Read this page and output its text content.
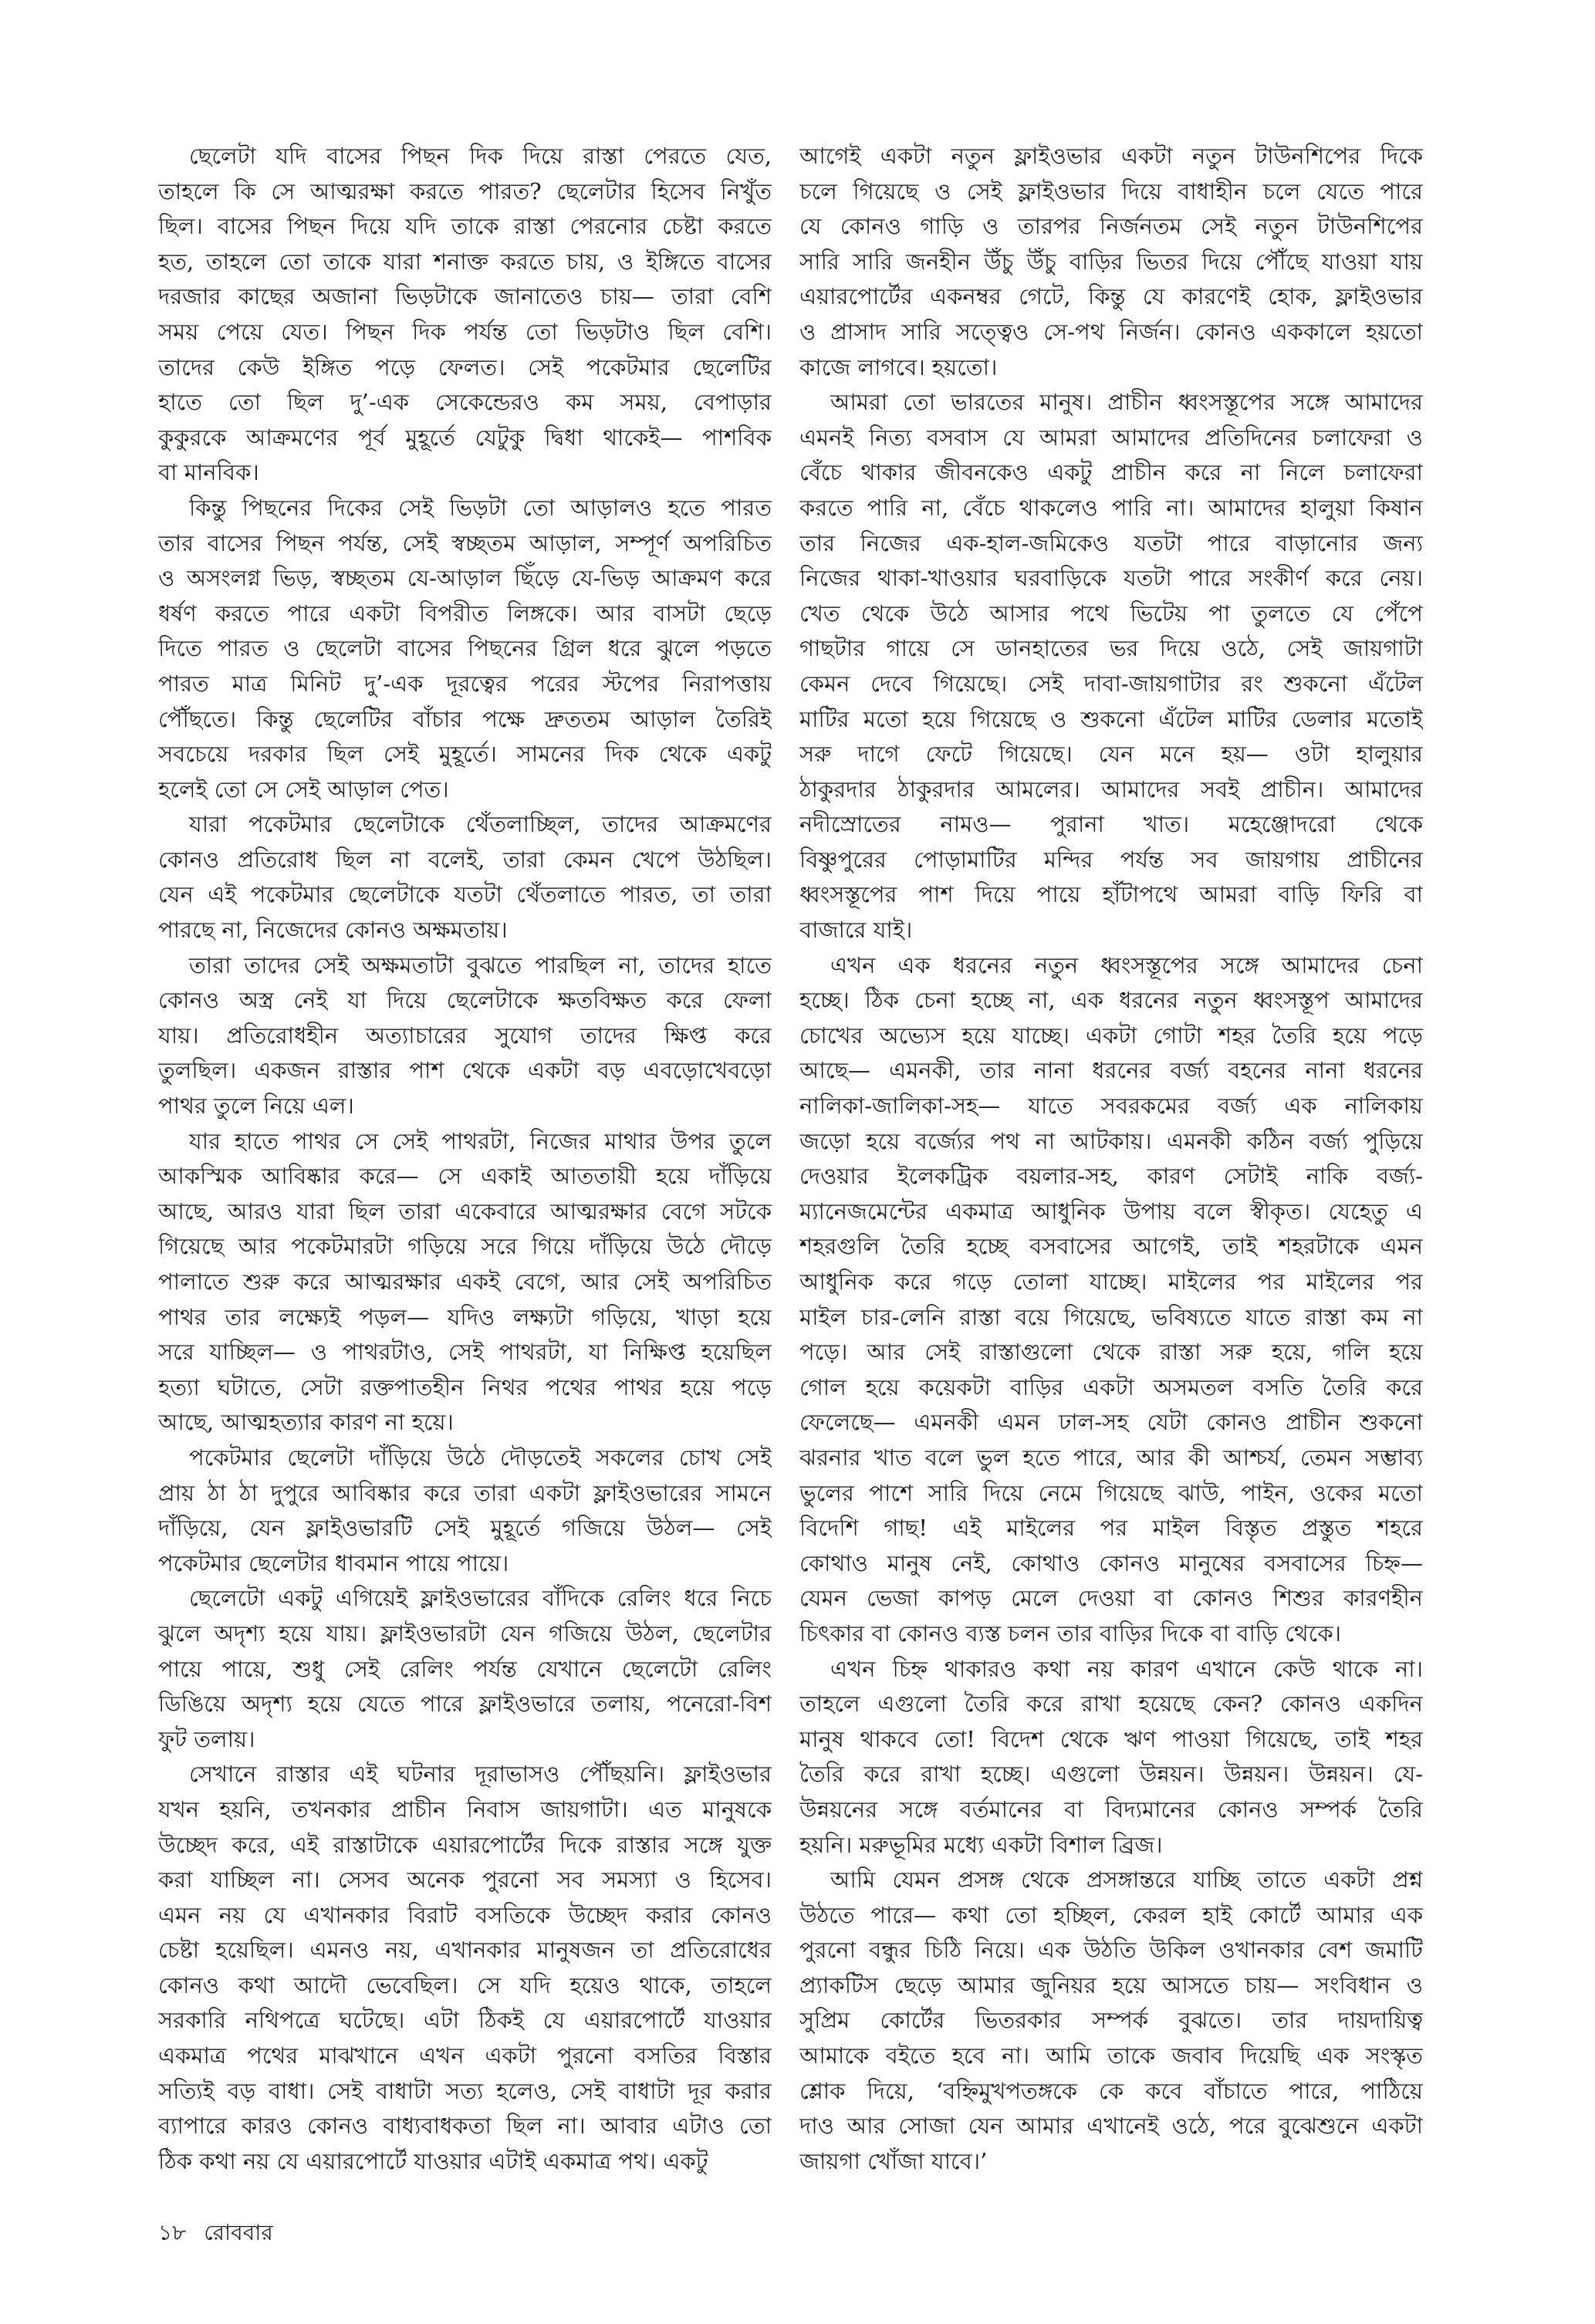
ছেলেটা যদি বাসের পিছন দিক দিয়ে রাস্তা পেরতে যেত,
তাহলে কি সে আত্মরক্ষা করতে পারত? ছেলেটার হিসেব নিখুঁত
ছিল। বাসের পিছন দিয়ে যদি তাকে রাস্তা পেরনোর চেষ্টা করতে
হত, তাহলে তো তাকে যারা শনাক্ত করতে চায়, ও ইঙ্গিতে বাসের
দরজার কাছের অজানা ভিড়টাকে জানাতেও চায়— তারা বেশি
সময় পেয়ে যেত। পিছন দিক পর্যন্ত তো ভিড়টাও ছিল বেশি।
তাদের কেউ ইঙ্গিত পড়ে ফেলত। সেই পকেটমার ছেলেটির
হাতে তো ছিল দু’-এক সেকেন্ডেরও কম সময়, বেপাড়ার
কুকুরকে আক্রমণের পূর্ব মুহূর্তে যেটুকু দ্বিধা থাকেই— পাশবিক
বা মানবিক।
কিন্তু পিছনের দিকের সেই ভিড়টা তো আড়ালও হতে পারত
তার বাসের পিছন পর্যন্ত, সেই স্বচ্ছতম আড়াল, সম্পূর্ণ অপরিচিত
ও অসংলগ্ন ভিড়, স্বচ্ছতম যে-আড়াল ছিঁড়ে যে-ভিড় আক্রমণ করে
ধর্ষণ করতে পারে একটা বিপরীত লিঙ্গকে। আর বাসটা ছেড়ে
দিতে পারত ও ছেলেটা বাসের পিছনের গ্রিল ধরে ঝুলে পড়তে
পারত মাত্র মিনিট দু’-এক দূরত্বের পরের স্টপের নিরাপত্তায়
পৌঁছতে। কিন্তু ছেলেটির বাঁচার পক্ষে দ্রুততম আড়াল তৈরিই
সবচেয়ে দরকার ছিল সেই মুহূর্তে। সামনের দিক থেকে একটু
হলেই তো সে সেই আড়াল পেত।
যারা পকেটমার ছেলেটাকে থেঁতলাচ্ছিল, তাদের আক্রমণের
কোনও প্রতিরোধ ছিল না বলেই, তারা কেমন খেপে উঠছিল।
যেন এই পকেটমার ছেলেটাকে যতটা থেঁতলাতে পারত, তা তারা
পারছে না, নিজেদের কোনও অক্ষমতায়।
তারা তাদের সেই অক্ষমতাটা বুঝতে পারছিল না, তাদের হাতে
কোনও অস্ত্র নেই যা দিয়ে ছেলেটাকে ক্ষতবিক্ষত করে ফেলা
যায়। প্রতিরোধহীন অত্যাচারের সুযোগ তাদের ক্ষিপ্ত করে
তুলছিল। একজন রাস্তার পাশ থেকে একটা বড় এবড়োখেবড়ো
পাথর তুলে নিয়ে এল।
যার হাতে পাথর সে সেই পাথরটা, নিজের মাথার উপর তুলে
আকস্মিক আবিষ্কার করে— সে একাই আততায়ী হয়ে দাঁড়িয়ে
আছে, আরও যারা ছিল তারা একেবারে আত্মরক্ষার বেগে সটকে
গিয়েছে আর পকেটমারটা গড়িয়ে সরে গিয়ে দাঁড়িয়ে উঠে দৌড়ে
পালাতে শুরু করে আত্মরক্ষার একই বেগে, আর সেই অপরিচিত
পাথর তার লক্ষ্যেই পড়ল— যদিও লক্ষ্যটা গড়িয়ে, খাড়া হয়ে
সরে যাচ্ছিল— ও পাথরটাও, সেই পাথরটা, যা নিক্ষিপ্ত হয়েছিল
হত্যা ঘটাতে, সেটা রক্তপাতহীন নিথর পথের পাথর হয়ে পড়ে
আছে, আত্মহত্যার কারণ না হয়ে।
পকেটমার ছেলেটা দাঁড়িয়ে উঠে দৌড়তেই সকলের চোখ সেই
প্রায় ঠা ঠা দুপুরে আবিষ্কার করে তারা একটা ফ্লাইওভারের সামনে
দাঁড়িয়ে, যেন ফ্লাইওভারটি সেই মুহূর্তে গজিয়ে উঠল— সেই
পকেটমার ছেলেটার ধাবমান পায়ে পায়ে।
ছেলেটো একটু এগিয়েই ফ্লাইওভারের বাঁদিকে রেলিং ধরে নিচে
ঝুলে অদৃশ্য হয়ে যায়। ফ্লাইওভারটা যেন গজিয়ে উঠল, ছেলেটার
পায়ে পায়ে, শুধু সেই রেলিং পর্যন্ত যেখানে ছেলেটো রেলিং
ডিঙিয়ে অদৃশ্য হয়ে যেতে পারে ফ্লাইওভারে তলায়, পনেরো-বিশ
ফুট তলায়।
সেখানে রাস্তার এই ঘটনার দূরাভাসও পৌঁছয়নি। ফ্লাইওভার
যখন হয়নি, তখনকার প্রাচীন নিবাস জায়গাটা। এত মানুষকে
উচ্ছেদ করে, এই রাস্তাটাকে এয়ারপোর্টের দিকে রাস্তার সঙ্গে যুক্ত
করা যাচ্ছিল না। সেসব অনেক পুরনো সব সমস্যা ও হিসেব।
এমন নয় যে এখানকার বিরাট বসতিকে উচ্ছেদ করার কোনও
চেষ্টা হয়েছিল। এমনও নয়, এখানকার মানুষজন তা প্রতিরোধের
কোনও কথা আদৌ ভেবেছিল। সে যদি হয়েও থাকে, তাহলে
সরকারি নথিপত্রে ঘটেছে। এটা ঠিকই যে এয়ারপোর্টে যাওয়ার
একমাত্র পথের মাঝখানে এখন একটা পুরনো বসতির বিস্তার
সত্যিই বড় বাধা। সেই বাধাটা সত্য হলেও, সেই বাধাটা দূর করার
ব্যাপারে কারও কোনও বাধ্যবাধকতা ছিল না। আবার এটাও তো
ঠিক কথা নয় যে এয়ারপোর্টে যাওয়ার এটাই একমাত্র পথ। একটু
আগেই একটা নতুন ফ্লাইওভার একটা নতুন টাউনশিপের দিকে
চলে গিয়েছে ও সেই ফ্লাইওভার দিয়ে বাধাহীন চলে যেতে পারে
যে কোনও গাড়ি ও তারপর নির্জনতম সেই নতুন টাউনশিপের
সারি সারি জনহীন উঁচু উঁচু বাড়ির ভিতর দিয়ে পৌঁছে যাওয়া যায়
এয়ারপোর্টের একনম্বর গেটে, কিন্তু যে কারণেই হোক, ফ্লাইওভার
ও প্রাসাদ সারি সত্ত্বেও সে-পথ নির্জন। কোনও এককালে হয়তো
কাজে লাগবে। হয়তো।
আমরা তো ভারতের মানুষ। প্রাচীন ধ্বংসস্তূপের সঙ্গে আমাদের
এমনই নিত্য বসবাস যে আমরা আমাদের প্রতিদিনের চলাফেরা ও
বেঁচে থাকার জীবনকেও একটু প্রাচীন করে না নিলে চলাফেরা
করতে পারি না, বেঁচে থাকলেও পারি না। আমাদের হালুয়া কিষান
তার নিজের এক-হাল-জমিকেও যতটা পারে বাড়ানোর জন্য
নিজের থাকা-খাওয়ার ঘরবাড়িকে যতটা পারে সংকীর্ণ করে নেয়।
খেত থেকে উঠে আসার পথে ভিটেয় পা তুলতে যে পেঁপে
গাছটার গায়ে সে ডানহাতের ভর দিয়ে ওঠে, সেই জায়গাটা
কেমন দেবে গিয়েছে। সেই দাবা-জায়গাটার রং শুকনো এঁটেল
মাটির মতো হয়ে গিয়েছে ও শুকনো এঁটেল মাটির ডেলার মতোই
সরু দাগে ফেটে গিয়েছে। যেন মনে হয়— ওটা হালুয়ার
ঠাকুরদার ঠাকুরদার আমলের। আমাদের সবই প্রাচীন। আমাদের
নদীস্রোতের নামও— পুরানা খাত। মহেঞ্জোদরো থেকে
বিষ্ণুপুরের পোড়ামাটির মন্দির পর্যন্ত সব জায়গায় প্রাচীনের
ধ্বংসস্তূপের পাশ দিয়ে পায়ে হাঁটাপথে আমরা বাড়ি ফিরি বা
বাজারে যাই।
এখন এক ধরনের নতুন ধ্বংসস্তূপের সঙ্গে আমাদের চেনা
হচ্ছে। ঠিক চেনা হচ্ছে না, এক ধরনের নতুন ধ্বংসস্তূপ আমাদের
চোখের অভ্যেস হয়ে যাচ্ছে। একটা গোটা শহর তৈরি হয়ে পড়ে
আছে— এমনকী, তার নানা ধরনের বর্জ্য বহনের নানা ধরনের
নালিকা-জালিকা-সহ— যাতে সবরকমের বর্জ্য এক নালিকায়
জড়ো হয়ে বর্জ্যের পথ না আটকায়। এমনকী কঠিন বর্জ্য পুড়িয়ে
দেওয়ার ইলেকট্রিক বয়লার-সহ, কারণ সেটাই নাকি বর্জ্য-
ম্যানেজমেন্টের একমাত্র আধুনিক উপায় বলে স্বীকৃত। যেহেতু এ
শহরগুলি তৈরি হচ্ছে বসবাসের আগেই, তাই শহরটাকে এমন
আধুনিক করে গড়ে তোলা যাচ্ছে। মাইলের পর মাইলের পর
মাইল চার-লেনি রাস্তা বয়ে গিয়েছে, ভবিষ্যতে যাতে রাস্তা কম না
পড়ে। আর সেই রাস্তাগুলো থেকে রাস্তা সরু হয়ে, গলি হয়ে
গোল হয়ে কয়েকটা বাড়ির একটা অসমতল বসতি তৈরি করে
ফেলেছে— এমনকী এমন ঢাল-সহ যেটা কোনও প্রাচীন শুকনো
ঝরনার খাত বলে ভুল হতে পারে, আর কী আশ্চর্য, তেমন সম্ভাব্য
ভুলের পাশে সারি দিয়ে নেমে গিয়েছে ঝাউ, পাইন, ওকের মতো
বিদেশি গাছ! এই মাইলের পর মাইল বিস্তৃত প্রস্তুত শহরে
কোথাও মানুষ নেই, কোথাও কোনও মানুষের বসবাসের চিহ্ন—
যেমন ভেজা কাপড় মেলে দেওয়া বা কোনও শিশুর কারণহীন
চিৎকার বা কোনও ব্যস্ত চলন তার বাড়ির দিকে বা বাড়ি থেকে।
এখন চিহ্ন থাকারও কথা নয় কারণ এখানে কেউ থাকে না।
তাহলে এগুলো তৈরি করে রাখা হয়েছে কেন? কোনও একদিন
মানুষ থাকবে তো! বিদেশ থেকে ঋণ পাওয়া গিয়েছে, তাই শহর
তৈরি করে রাখা হচ্ছে। এগুলো উন্নয়ন। উন্নয়ন। উন্নয়ন। যে-
উন্নয়নের সঙ্গে বর্তমানের বা বিদ্যমানের কোনও সম্পর্ক তৈরি
হয়নি। মরুভূমির মধ্যে একটা বিশাল ব্রিজ।
আমি যেমন প্রসঙ্গ থেকে প্রসঙ্গান্তরে যাচ্ছি তাতে একটা প্রশ্ন
উঠতে পারে— কথা তো হচ্ছিল, কেরল হাই কোর্টে আমার এক
পুরনো বন্ধুর চিঠি নিয়ে। এক উঠতি উকিল ওখানকার বেশ জমাটি
প্র্যাকটিস ছেড়ে আমার জুনিয়র হয়ে আসতে চায়— সংবিধান ও
সুপ্রিম কোর্টের ভিতরকার সম্পর্ক বুঝতে। তার দায়দায়িত্ব
আমাকে বইতে হবে না। আমি তাকে জবাব দিয়েছি এক সংস্কৃত
শ্লোক দিয়ে, ‘বহ্নিমুখপতঙ্গকে কে কবে বাঁচাতে পারে, পাঠিয়ে
দাও আর সোজা যেন আমার এখানেই ওঠে, পরে বুঝেশুনে একটা
জায়গা খোঁজা যাবে।’
১৮ রোববার
